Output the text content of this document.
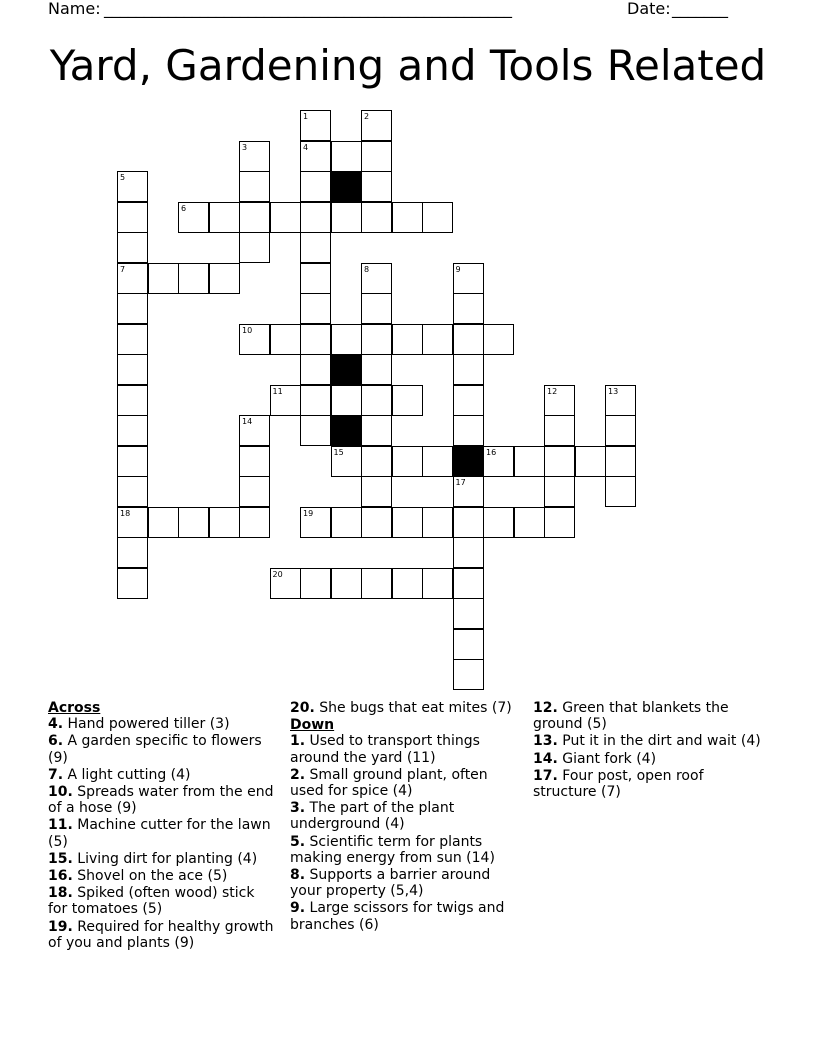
Name: ___________________________________________________	Date: _______
Yard, Gardening and Tools Related
1
4
2
3
5
7
18
6
8	9
10
11	12	13
14
15	16
17
19
20
Across
4. Hand powered tiller (3)
6. A garden specific to flowers (9)
7. A light cutting (4)
10. Spreads water from the end of a hose (9)
11. Machine cutter for the lawn (5)
15. Living dirt for planting (4)
16. Shovel on the ace (5)
18. Spiked (often wood) stick for tomatoes (5)
19. Required for healthy growth of you and plants (9)
20. She bugs that eat mites (7)
Down
1. Used to transport things around the yard (11)
2. Small ground plant, often used for spice (4)
3. The part of the plant underground (4)
5. Scientific term for plants making energy from sun (14)
8. Supports a barrier around your property (5,4)
9. Large scissors for twigs and branches (6)
12. Green that blankets the ground (5)
13. Put it in the dirt and wait (4)
14. Giant fork (4)
17. Four post, open roof structure (7)
